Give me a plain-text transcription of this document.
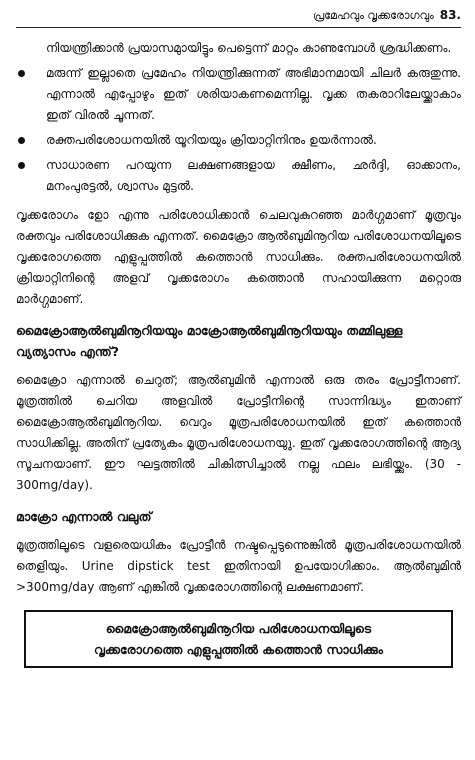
പ്രമേഹവും വൃക്കരോഗവും 83.
നിയന്ത്രിക്കാൻ പ്രയാസമുായിട്ടും പെട്ടെന്ന് മാറ്റം കാണുമ്പോൾ ശ്രദ്ധിക്കണം.
മരുന്ന് ഇല്ലാതെ പ്രമേഹം നിയന്ത്രിക്കുന്നത് അഭിമാനമായി ചിലർ കരുതുന്നു. എന്നാൽ എപ്പോഴും ഇത് ശരിയാകണമെന്നില്ല. വൃക്ക തകരാറിലേയ്ക്കാകാം ഇത് വിരൽ ചൂന്നത്.
രക്തപരിശോധനയിൽ യൂറിയയും ക്രിയാറ്റിനിനും ഉയർന്നാൽ.
സാധാരണ പറയുന്ന ലക്ഷണങ്ങളായ ക്ഷീണം, ഛർദ്ദി, ഓക്കാനം, മനംപുരട്ടൽ, ശ്വാസം മുട്ടൽ.

വൃക്കരോഗം ഉോ എന്നു പരിശോധിക്കാൻ ചെലവുകുറഞ്ഞ മാർഗ്ഗമാണ് മൂത്രവും രക്തവും പരിശോധിക്കുക എന്നത്. മൈക്രോ ആൽബുമിനൂറിയ പരിശോധനയിലൂടെ വൃക്കരോഗത്തെ എളുപ്പത്തിൽ കത്തൊൻ സാധിക്കും. രക്തപരിശോധനയിൽ ക്രിയാറ്റിനിന്റെ അളവ് വൃക്കരോഗം കത്തൊൻ സഹായിക്കുന്ന മറ്റൊരു മാർഗ്ഗമാണ്.

മൈക്രോആൽബുമിനൂറിയയും മാക്രോആൽബുമിനൂറിയയും തമ്മിലുള്ള വ്യത്യാസം എന്ത്?

മൈക്രോ എന്നാൽ ചെറുത്; ആൽബുമിൻ എന്നാൽ ഒരു തരം പ്രോട്ടീനാണ്. മൂത്രത്തിൽ ചെറിയ അളവിൽ പ്രോട്ടീനിന്റെ സാന്നിദ്ധ്യം ഇതാണ് മൈക്രോആൽബുമിനൂറിയ. വെറും മൂത്രപരിശോധനയിൽ ഇത് കത്തൊൻ സാധിക്കില്ല. അതിന് പ്രത്യേകം മൂത്രപരിശോധനയുു. ഇത് വൃക്കരോഗത്തിന്റെ ആദ്യ സൂചനയാണ്. ഈ ഘട്ടത്തിൽ ചികിത്സിച്ചാൽ നല്ല ഫലം ലഭിയ്ക്കും. (30 - 300mg/day).

മാക്രോ എന്നാൽ വലുത്

മൂത്രത്തിലൂടെ വളരെയധികം പ്രോട്ടീൻ നഷ്ടപ്പെടുന്നുെങ്കിൽ മൂത്രപരിശോധനയിൽ തെളിയും. Urine dipstick test ഇതിനായി ഉപയോഗിക്കാം. ആൽബുമിൻ >300mg/day ആണ് എങ്കിൽ വൃക്കരോഗത്തിന്റെ ലക്ഷണമാണ്.

മൈക്രോആൽബുമിനൂറിയ പരിശോധനയിലൂടെ
വൃക്കരോഗത്തെ എളുപ്പത്തിൽ കത്തൊൻ സാധിക്കും
